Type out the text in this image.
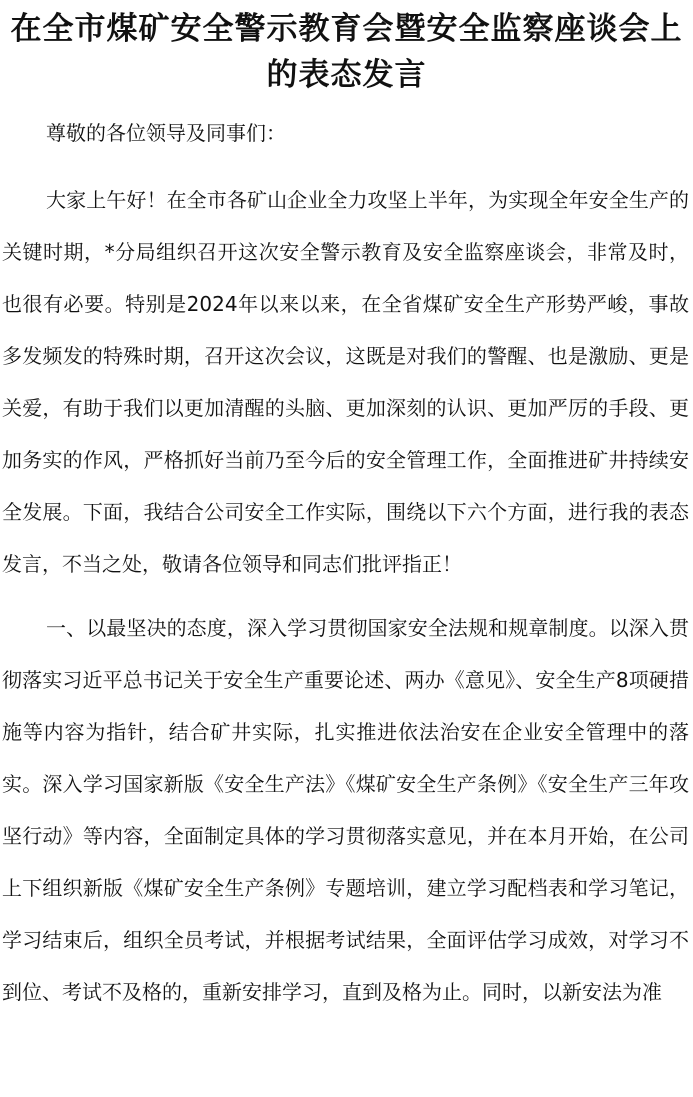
在全市煤矿安全警示教育会暨安全监察座谈会上的表态发言

尊敬的各位领导及同事们：

大家上午好！在全市各矿山企业全力攻坚上半年，为实现全年安全生产的关键时期，*分局组织召开这次安全警示教育及安全监察座谈会，非常及时，也很有必要。特别是2024年以来以来，在全省煤矿安全生产形势严峻，事故多发频发的特殊时期，召开这次会议，这既是对我们的警醒、也是激励、更是关爱，有助于我们以更加清醒的头脑、更加深刻的认识、更加严厉的手段、更加务实的作风，严格抓好当前乃至今后的安全管理工作，全面推进矿井持续安全发展。下面，我结合公司安全工作实际，围绕以下六个方面，进行我的表态发言，不当之处，敬请各位领导和同志们批评指正！

一、以最坚决的态度，深入学习贯彻国家安全法规和规章制度。以深入贯彻落实习近平总书记关于安全生产重要论述、两办《意见》、安全生产8项硬措施等内容为指针，结合矿井实际，扎实推进依法治安在企业安全管理中的落实。深入学习国家新版《安全生产法》《煤矿安全生产条例》《安全生产三年攻坚行动》等内容，全面制定具体的学习贯彻落实意见，并在本月开始，在公司上下组织新版《煤矿安全生产条例》专题培训，建立学习配档表和学习笔记，学习结束后，组织全员考试，并根据考试结果，全面评估学习成效，对学习不到位、考试不及格的，重新安排学习，直到及格为止。同时，以新安法为准
